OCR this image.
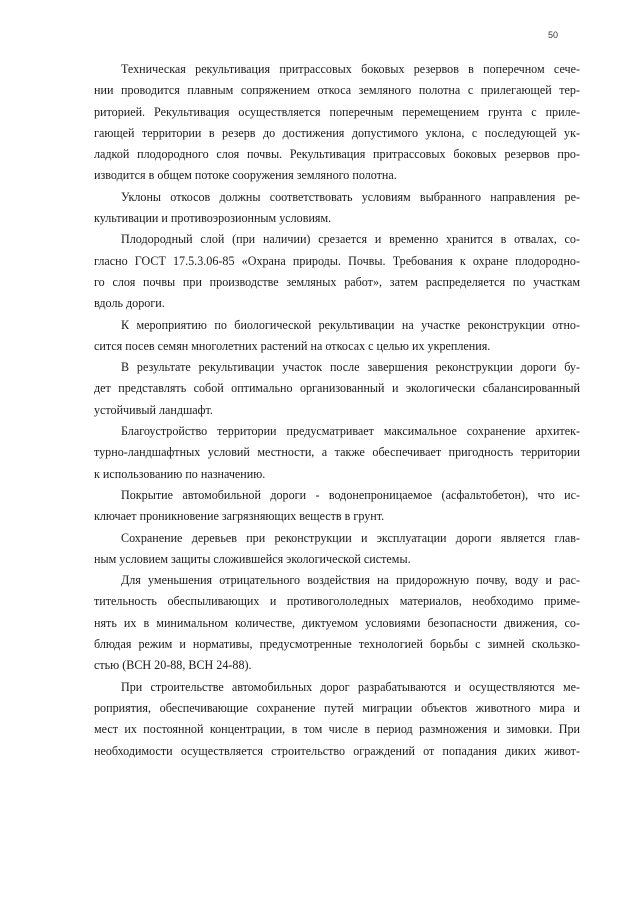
50

Техническая рекультивация притрассовых боковых резервов в поперечном сече-
нии проводится плавным сопряжением откоса земляного полотна с прилегающей тер-
риторией. Рекультивация осуществляется поперечным перемещением грунта с приле-
гающей территории в резерв до достижения допустимого уклона, с последующей ук-
ладкой плодородного слоя почвы. Рекультивация притрассовых боковых резервов про-
изводится в общем потоке сооружения земляного полотна.

Уклоны откосов должны соответствовать условиям выбранного направления ре-
культивации и противоэрозионным условиям.

Плодородный слой (при наличии) срезается и временно хранится в отвалах, со-
гласно ГОСТ 17.5.3.06-85 «Охрана природы. Почвы. Требования к охране плодородно-
го слоя почвы при производстве земляных работ», затем распределяется по участкам
вдоль дороги.

К мероприятию по биологической рекультивации на участке реконструкции отно-
сится посев семян многолетних растений на откосах с целью их укрепления.

В результате рекультивации участок после завершения реконструкции дороги бу-
дет представлять собой оптимально организованный и экологически сбалансированный
устойчивый ландшафт.

Благоустройство территории предусматривает максимальное сохранение архитек-
турно-ландшафтных условий местности, а также обеспечивает пригодность территории
к использованию по назначению.

Покрытие автомобильной дороги - водонепроницаемое (асфальтобетон), что ис-
ключает проникновение загрязняющих веществ в грунт.

Сохранение деревьев при реконструкции и эксплуатации дороги является глав-
ным условием защиты сложившейся экологической системы.

Для уменьшения отрицательного воздействия на придорожную почву, воду и рас-
тительность обеспыливающих и противогололедных материалов, необходимо приме-
нять их в минимальном количестве, диктуемом условиями безопасности движения, со-
блюдая режим и нормативы, предусмотренные технологией борьбы с зимней скользко-
стью (ВСН 20-88, ВСН 24-88).

При строительстве автомобильных дорог разрабатываются и осуществляются ме-
роприятия, обеспечивающие сохранение путей миграции объектов животного мира и
мест их постоянной концентрации, в том числе в период размножения и зимовки. При
необходимости осуществляется строительство ограждений от попадания диких живот-
